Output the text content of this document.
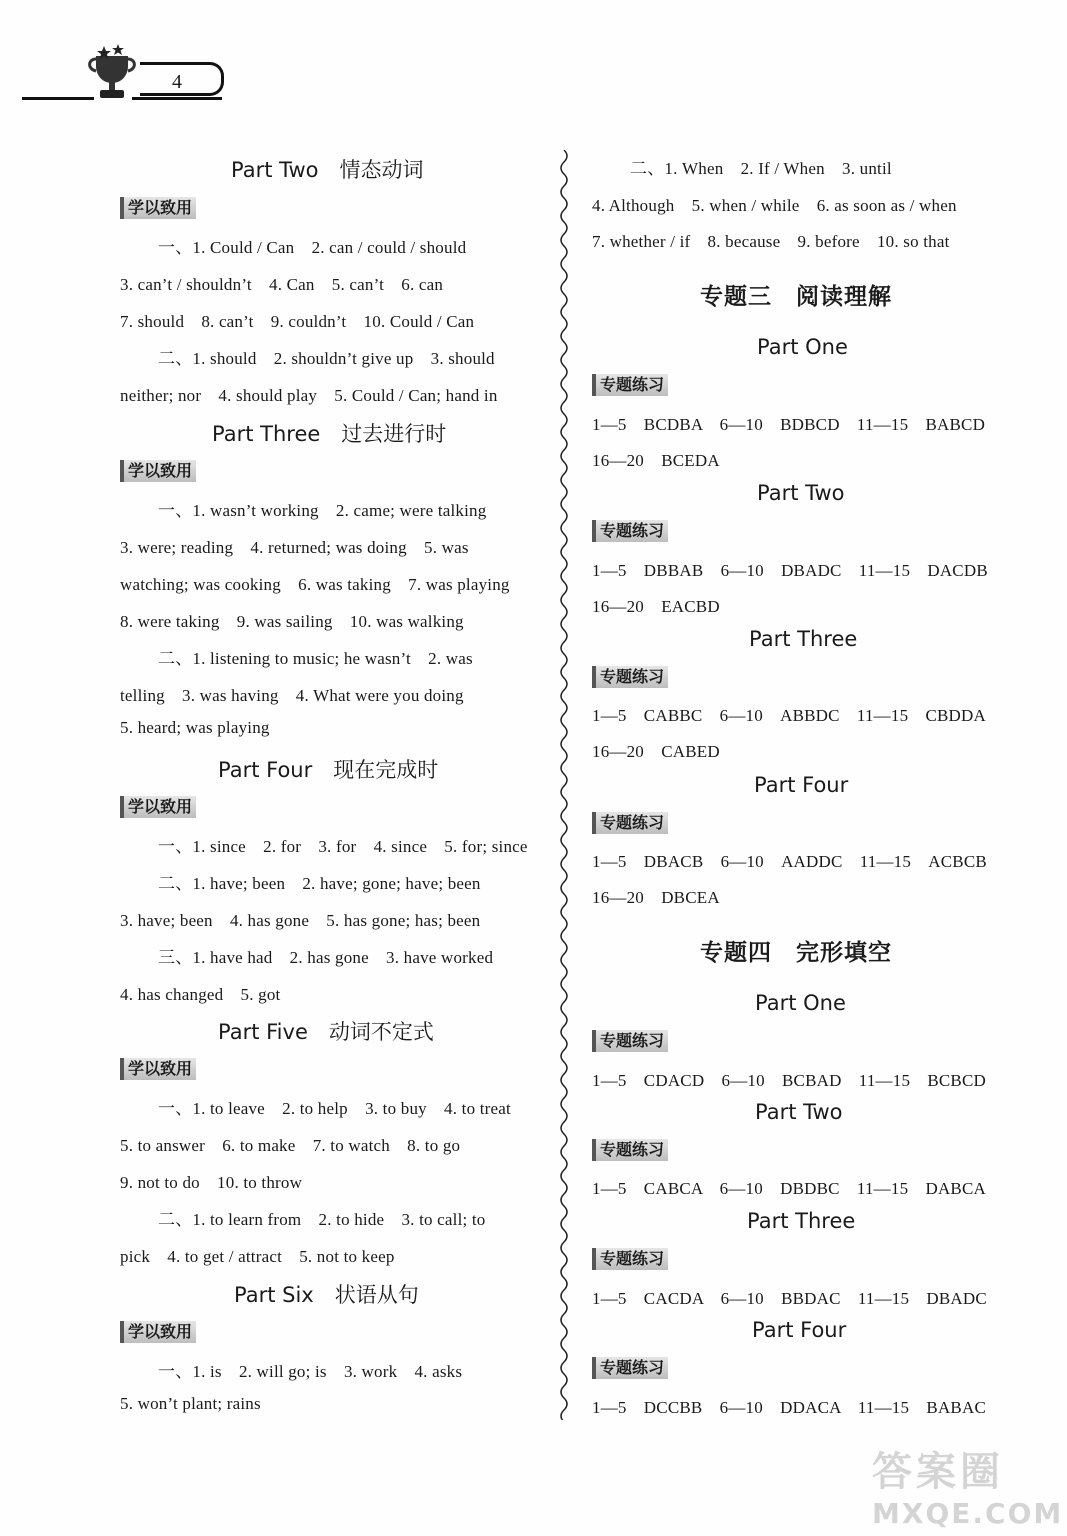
4
Part Two　情态动词
学以致用
一、1. Could / Can　2. can / could / should
3. can’t / shouldn’t　4. Can　5. can’t　6. can
7. should　8. can’t　9. couldn’t　10. Could / Can
二、1. should　2. shouldn’t give up　3. should
neither; nor　4. should play　5. Could / Can; hand in
Part Three　过去进行时
学以致用
一、1. wasn’t working　2. came; were talking
3. were; reading　4. returned; was doing　5. was
watching; was cooking　6. was taking　7. was playing
8. were taking　9. was sailing　10. was walking
二、1. listening to music; he wasn’t　2. was
telling　3. was having　4. What were you doing
5. heard; was playing
Part Four　现在完成时
学以致用
一、1. since　2. for　3. for　4. since　5. for; since
二、1. have; been　2. have; gone; have; been
3. have; been　4. has gone　5. has gone; has; been
三、1. have had　2. has gone　3. have worked
4. has changed　5. got
Part Five　动词不定式
学以致用
一、1. to leave　2. to help　3. to buy　4. to treat
5. to answer　6. to make　7. to watch　8. to go
9. not to do　10. to throw
二、1. to learn from　2. to hide　3. to call; to
pick　4. to get / attract　5. not to keep
Part Six　状语从句
学以致用
一、1. is　2. will go; is　3. work　4. asks
5. won’t plant; rains
二、1. When　2. If / When　3. until
4. Although　5. when / while　6. as soon as / when
7. whether / if　8. because　9. before　10. so that
专题三　阅读理解
Part One
专题练习
1—5　BCDBA　6—10　BDBCD　11—15　BABCD
16—20　BCEDA
Part Two
专题练习
1—5　DBBAB　6—10　DBADC　11—15　DACDB
16—20　EACBD
Part Three
专题练习
1—5　CABBC　6—10　ABBDC　11—15　CBDDA
16—20　CABED
Part Four
专题练习
1—5　DBACB　6—10　AADDC　11—15　ACBCB
16—20　DBCEA
专题四　完形填空
Part One
专题练习
1—5　CDACD　6—10　BCBAD　11—15　BCBCD
Part Two
专题练习
1—5　CABCA　6—10　DBDBC　11—15　DABCA
Part Three
专题练习
1—5　CACDA　6—10　BBDAC　11—15　DBADC
Part Four
专题练习
1—5　DCCBB　6—10　DDACA　11—15　BABAC
答案圈
MXQE.COM
